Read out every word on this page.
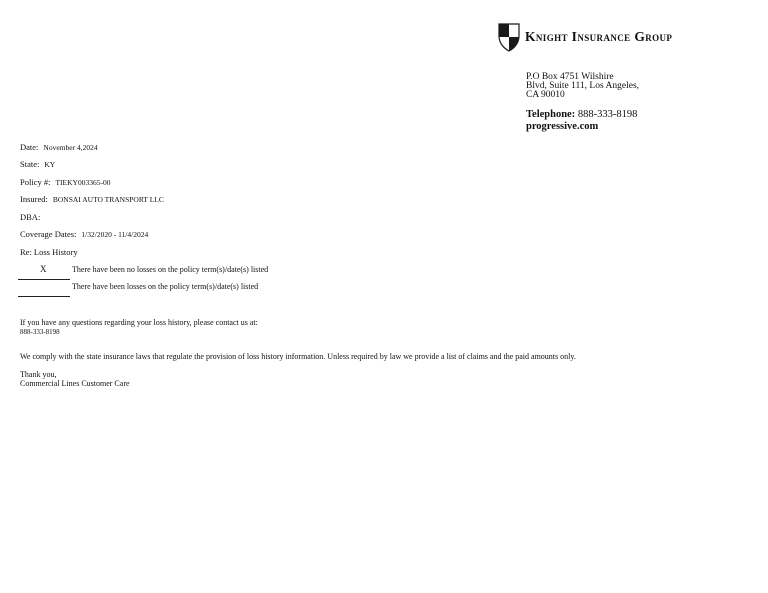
Knight Insurance Group
P.O Box 4751 Wilshire
Blvd, Suite 111, Los Angeles,
CA 90010
Telephone: 888-333-8198
progressive.com
Date: November 4,2024
State: KY
Policy #: TIEKY003365-00
Insured: BONSAI AUTO TRANSPORT LLC
DBA:
Coverage Dates: 1/32/2020 - 11/4/2024
Re: Loss History
X	There have been no losses on the policy term(s)/date(s) listed
There have been losses on the policy term(s)/date(s) listed
If you have any questions regarding your loss history, please contact us at:
888-333-8198
We comply with the state insurance laws that regulate the provision of loss history information. Unless required by law we provide a list of claims and the paid amounts only.
Thank you,
Commercial Lines Customer Care
